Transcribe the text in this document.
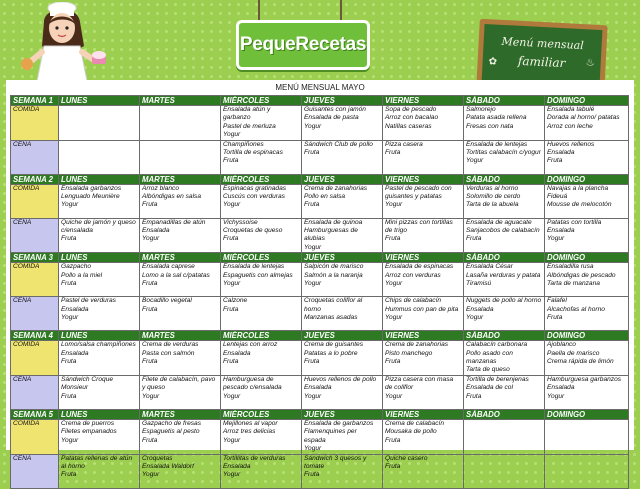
PequeRecetas	Menú mensual
familiar
✿	♨
MENÚ MENSUAL MAYO
SEMANA 1	LUNES	MARTES	MIÉRCOLES	JUEVES	VIERNES	SÁBADO	DOMINGO
COMIDA			Ensalada atún y garbanzo
Pastel de merluza
Yogur	Guisantes con jamón
Ensalada de pasta
Yogur	Sopa de pescado
Arroz con bacalao
Natillas caseras	Salmorejo
Patata asada rellena
Fresas con nata	Ensalada tabulé
Dorada al horno/ patatas
Arroz con leche
CENA			Champiñones
Tortilla de espinacas
Fruta	Sándwich Club de pollo
Fruta	Pizza casera
Fruta	Ensalada de lentejas
Tortitas calabacín c/yogur
Yogur	Huevos rellenos
Ensalada
Fruta
SEMANA 2	LUNES	MARTES	MIÉRCOLES	JUEVES	VIERNES	SÁBADO	DOMINGO
COMIDA	Ensalada garbanzos
Lenguado Meunière
Yogur	Arroz blanco
Albóndigas en salsa
Fruta	Espinacas gratinadas
Cuscús con verduras
Yogur	Crema de zanahorias
Pollo en salsa
Fruta	Pastel de pescado con guisantes y patatas
Yogur	Verduras al horno
Solomillo de cerdo
Tarta de la abuela	Navajas a la plancha
Fideuá
Mousse de melocotón
CENA	Quiche de jamón y queso c/ensalada
Fruta	Empanadillas de atún
Ensalada
Yogur	Vichyssoise
Croquetas de queso
Fruta	Ensalada de quinoa
Hamburguesas de alubias
Yogur	Mini pizzas con tortillas de trigo
Fruta	Ensalada de aguacate
Sanjacobos de calabacín
Fruta	Patatas con tortilla
Ensalada
Yogur
SEMANA 3	LUNES	MARTES	MIÉRCOLES	JUEVES	VIERNES	SÁBADO	DOMINGO
COMIDA	Gazpacho
Pollo a la miel
Fruta	Ensalada caprese
Lomo a la sal c/patatas
Fruta	Ensalada de lentejas
Espaguetis con almejas
Yogur	Salpicón de marisco
Salmón a la naranja
Yogur	Ensalada de espinacas
Arroz con verduras
Yogur	Ensalada César
Lasaña verduras y patata
Tiramisú	Ensaladilla rusa
Albóndigas de pescado
Tarta de manzana
CENA	Pastel de verduras
Ensalada
Yogur	Bocadillo vegetal
Fruta	Calzone
Fruta	Croquetas coliflor al horno
Manzanas asadas	Chips de calabacín
Hummus con pan de pita
Yogur	Nuggets de pollo al horno
Ensalada
Yogur	Falafel
Alcachofas al horno
Fruta
SEMANA 4	LUNES	MARTES	MIÉRCOLES	JUEVES	VIERNES	SÁBADO	DOMINGO
COMIDA	Lomo/salsa champiñones
Ensalada
Fruta	Crema de verduras
Pasta con salmón
Fruta	Lentejas con arroz
Ensalada
Fruta	Crema de guisantes
Patatas a lo pobre
Fruta	Crema de zanahorias
Pisto manchego
Fruta	Calabacín carbonara
Pollo asado con manzanas
Tarta de queso	Ajoblanco
Paella de marisco
Crema rápida de limón
CENA	Sándwich Croque Monsieur
Fruta	Filete de calabacín, pavo y queso
Yogur	Hamburguesa de pescado c/ensalada
Yogur	Huevos rellenos de pollo
Ensalada
Yogur	Pizza casera con masa de coliflor
Yogur	Tortilla de berenjenas
Ensalada de col
Fruta	Hamburguesa garbanzos
Ensalada
Yogur
SEMANA 5	LUNES	MARTES	MIÉRCOLES	JUEVES	VIERNES	SÁBADO	DOMINGO
COMIDA	Crema de puerros
Filetes empanados
Yogur	Gazpacho de fresas
Espaguetis al pesto
Fruta	Mejillones al vapor
Arroz tres delicias
Yogur	Ensalada de garbanzos
Flamenquines per espada
Yogur	Crema de calabacín
Mousaka de pollo
Fruta		
CENA	Patatas rellenas de atún al horno
Fruta	Croquetas
Ensalada Waldorf
Yogur	Tortillitas de verduras
Ensalada
Yogur	Sándwich 3 quesos y tomate
Fruta	Quiche casero
Fruta		
